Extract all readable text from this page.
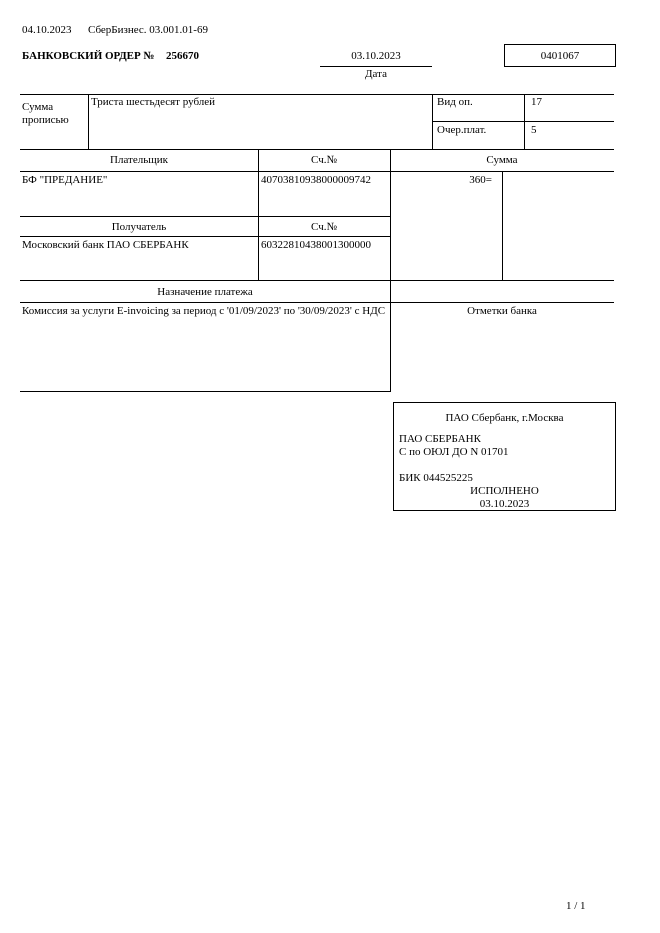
04.10.2023 СберБизнес. 03.001.01-69
БАНКОВСКИЙ ОРДЕР № 256670	03.10.2023
Дата
0401067
Сумма прописью
Триста шестьдесят рублей	Вид оп.	17
Очер.плат.	5
Плательщик	Сч.№	Сумма
БФ "ПРЕДАНИЕ"	40703810938000009742	360=
Получатель	Сч.№
Московский банк ПАО СБЕРБАНК	60322810438001300000
Назначение платежа
Комиссия за услуги E-invoicing за период с '01/09/2023' по '30/09/2023' с НДС	Отметки банка
ПАО Сбербанк, г.Москва
ПАО СБЕРБАНК
С по ОЮЛ ДО N 01701
БИК 044525225
ИСПОЛНЕНО
03.10.2023
1 / 1
